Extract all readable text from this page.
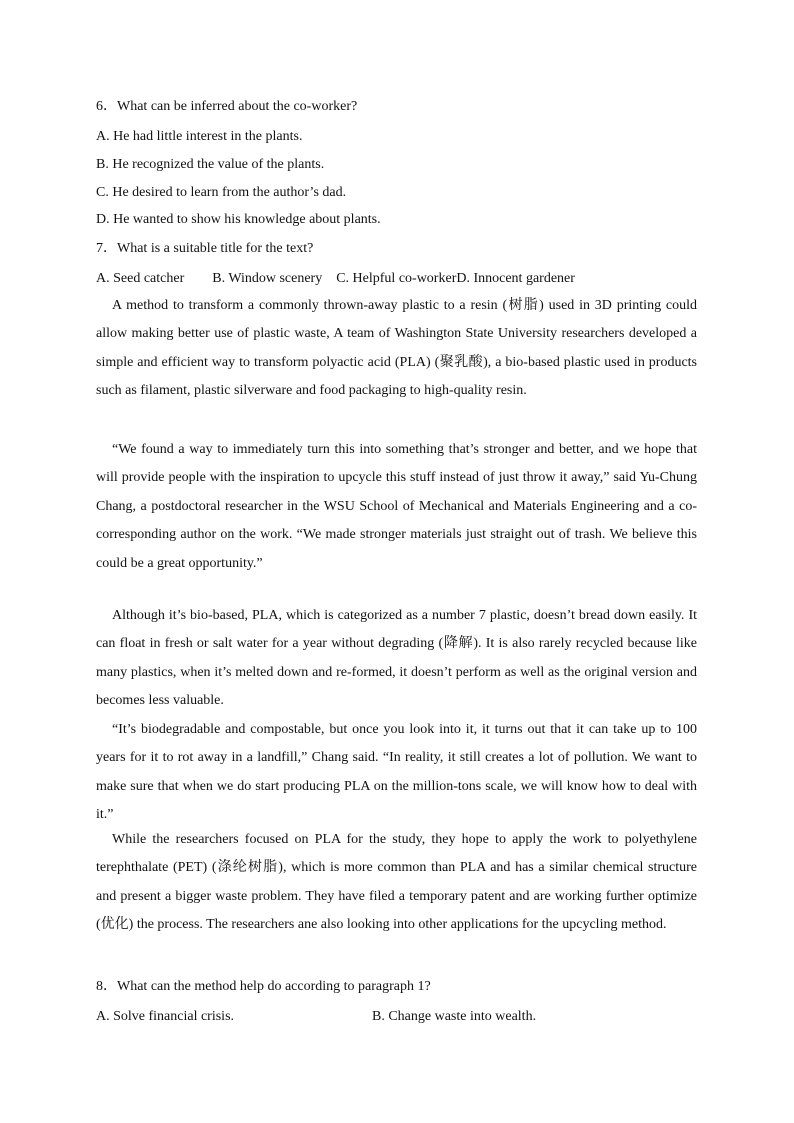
6．What can be inferred about the co-worker?
A. He had little interest in the plants.
B. He recognized the value of the plants.
C. He desired to learn from the author’s dad.
D. He wanted to show his knowledge about plants.
7．What is a suitable title for the text?
A. Seed catcher        B. Window scenery    C. Helpful co-workerD. Innocent gardener
A method to transform a commonly thrown-away plastic to a resin (树脂) used in 3D printing could allow making better use of plastic waste, A team of Washington State University researchers developed a simple and efficient way to transform polyactic acid (PLA) (聚乳酸), a bio-based plastic used in products such as filament, plastic silverware and food packaging to high-quality resin.
“We found a way to immediately turn this into something that’s stronger and better, and we hope that will provide people with the inspiration to upcycle this stuff instead of just throw it away,” said Yu-Chung Chang, a postdoctoral researcher in the WSU School of Mechanical and Materials Engineering and a co-corresponding author on the work. “We made stronger materials just straight out of trash. We believe this could be a great opportunity.”
Although it’s bio-based, PLA, which is categorized as a number 7 plastic, doesn’t bread down easily. It can float in fresh or salt water for a year without degrading (降解). It is also rarely recycled because like many plastics, when it’s melted down and re-formed, it doesn’t perform as well as the original version and becomes less valuable.
“It’s biodegradable and compostable, but once you look into it, it turns out that it can take up to 100 years for it to rot away in a landfill,” Chang said. “In reality, it still creates a lot of pollution. We want to make sure that when we do start producing PLA on the million-tons scale, we will know how to deal with it.”
While the researchers focused on PLA for the study, they hope to apply the work to polyethylene terephthalate (PET) (涤纶树脂), which is more common than PLA and has a similar chemical structure and present a bigger waste problem. They have filed a temporary patent and are working further optimize (优化) the process. The researchers ane also looking into other applications for the upcycling method.
8．What can the method help do according to paragraph 1?
A. Solve financial crisis.	B. Change waste into wealth.
